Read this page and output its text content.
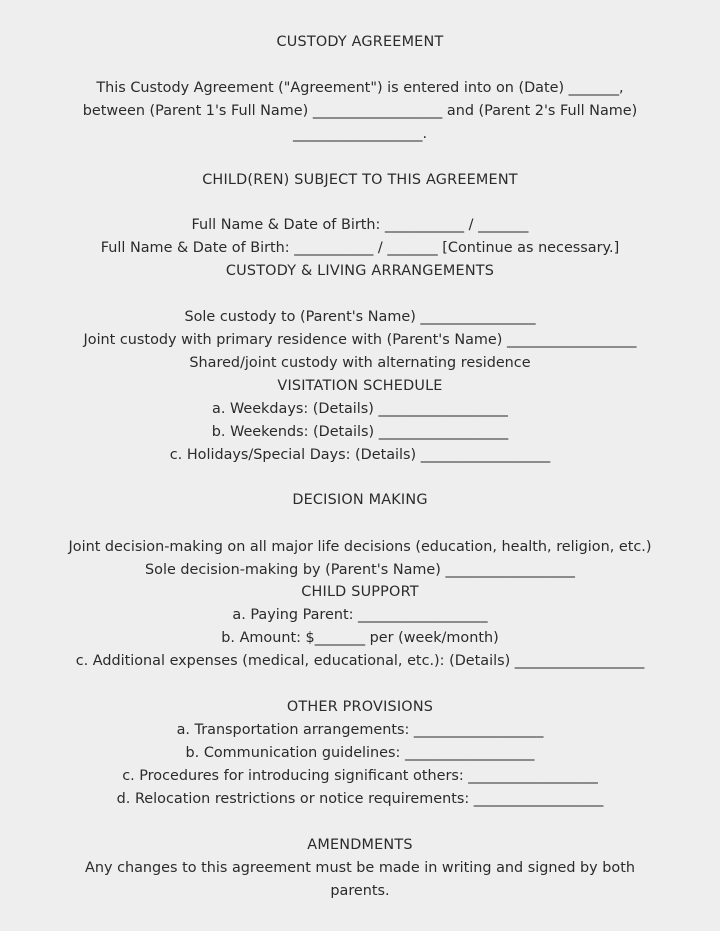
CUSTODY AGREEMENT
This Custody Agreement ("Agreement") is entered into on (Date) _______,
between (Parent 1's Full Name) __________________ and (Parent 2's Full Name)
__________________.
CHILD(REN) SUBJECT TO THIS AGREEMENT
Full Name & Date of Birth: ___________ / _______
Full Name & Date of Birth: ___________ / _______ [Continue as necessary.]
CUSTODY & LIVING ARRANGEMENTS
Sole custody to (Parent's Name) ________________
Joint custody with primary residence with (Parent's Name) __________________
Shared/joint custody with alternating residence
VISITATION SCHEDULE
a. Weekdays: (Details) __________________
b. Weekends: (Details) __________________
c. Holidays/Special Days: (Details) __________________
DECISION MAKING
Joint decision-making on all major life decisions (education, health, religion, etc.)
Sole decision-making by (Parent's Name) __________________
CHILD SUPPORT
a. Paying Parent: __________________
b. Amount: $_______ per (week/month)
c. Additional expenses (medical, educational, etc.): (Details) __________________
OTHER PROVISIONS
a. Transportation arrangements: __________________
b. Communication guidelines: __________________
c. Procedures for introducing significant others: __________________
d. Relocation restrictions or notice requirements: __________________
AMENDMENTS
Any changes to this agreement must be made in writing and signed by both
parents.
